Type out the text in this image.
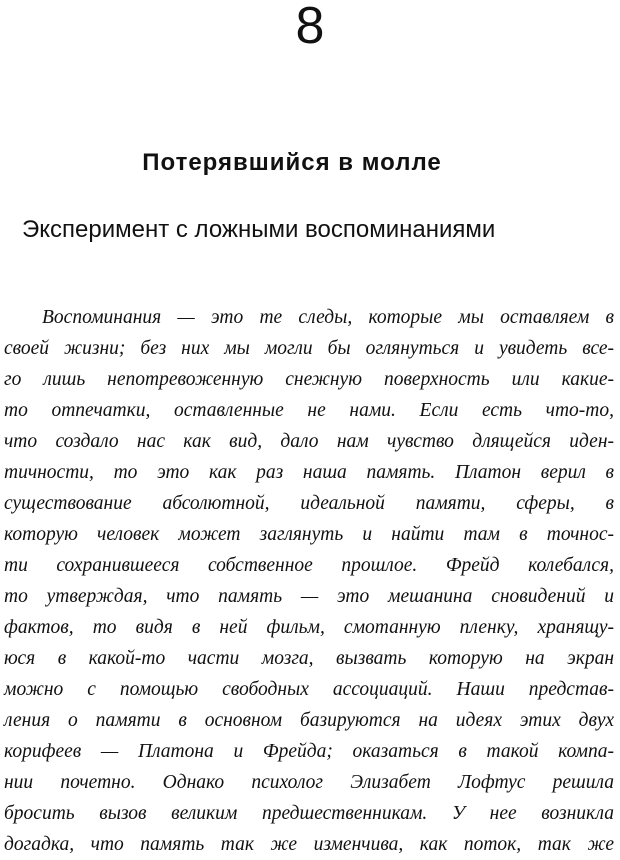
8
Потерявшийся в молле
Эксперимент с ложными воспоминаниями
Воспоминания — это те следы, которые мы оставляем в
своей жизни; без них мы могли бы оглянуться и увидеть все-
го лишь непотревоженную снежную поверхность или какие-
то отпечатки, оставленные не нами. Если есть что-то,
что создало нас как вид, дало нам чувство длящейся иден-
тичности, то это как раз наша память. Платон верил в
существование абсолютной, идеальной памяти, сферы, в
которую человек может заглянуть и найти там в точнос-
ти сохранившееся собственное прошлое. Фрейд колебался,
то утверждая, что память — это мешанина сновидений и
фактов, то видя в ней фильм, смотанную пленку, хранящу-
юся в какой-то части мозга, вызвать которую на экран
можно с помощью свободных ассоциаций. Наши представ-
ления о памяти в основном базируются на идеях этих двух
корифеев — Платона и Фрейда; оказаться в такой компа-
нии почетно. Однако психолог Элизабет Лофтус решила
бросить вызов великим предшественникам. У нее возникла
догадка, что память так же изменчива, как поток, так же
